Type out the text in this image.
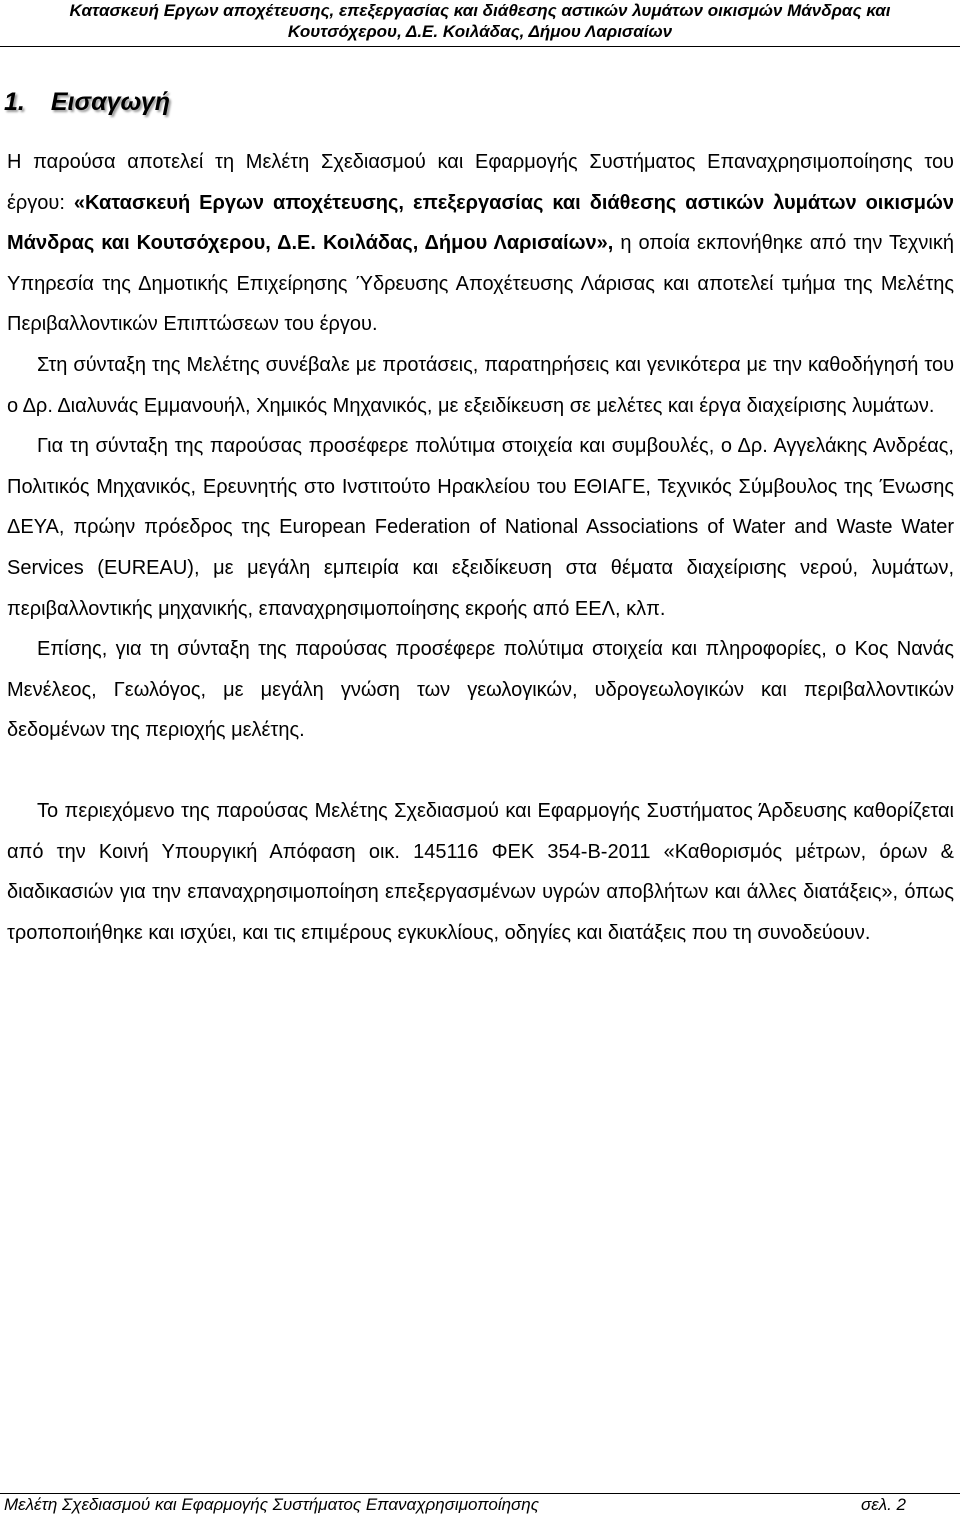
Κατασκευή Εργων αποχέτευσης, επεξεργασίας και διάθεσης αστικών λυμάτων οικισμών Μάνδρας και
Κουτσόχερου, Δ.Ε. Κοιλάδας, Δήμου Λαρισαίων
1. Εισαγωγή

Η παρούσα αποτελεί τη Μελέτη Σχεδιασμού και Εφαρμογής Συστήματος Επαναχρησιμοποίησης του έργου: «Κατασκευή Εργων αποχέτευσης, επεξεργασίας και διάθεσης αστικών λυμάτων οικισμών Μάνδρας και Κουτσόχερου, Δ.Ε. Κοιλάδας, Δήμου Λαρισαίων», η οποία εκπονήθηκε από την Τεχνική Υπηρεσία της Δημοτικής Επιχείρησης Ύδρευσης Αποχέτευσης Λάρισας και αποτελεί τμήμα της Μελέτης Περιβαλλοντικών Επιπτώσεων του έργου.

Στη σύνταξη της Μελέτης συνέβαλε με προτάσεις, παρατηρήσεις και γενικότερα με την καθοδήγησή του ο Δρ. Διαλυνάς Εμμανουήλ, Χημικός Μηχανικός, με εξειδίκευση σε μελέτες και έργα διαχείρισης λυμάτων.

Για τη σύνταξη της παρούσας προσέφερε πολύτιμα στοιχεία και συμβουλές, ο Δρ. Αγγελάκης Ανδρέας, Πολιτικός Μηχανικός, Ερευνητής στο Ινστιτούτο Ηρακλείου του ΕΘΙΑΓΕ, Τεχνικός Σύμβουλος της Ένωσης ΔΕΥΑ, πρώην πρόεδρος της European Federation of National Associations of Water and Waste Water Services (EUREAU), με μεγάλη εμπειρία και εξειδίκευση στα θέματα διαχείρισης νερού, λυμάτων, περιβαλλοντικής μηχανικής, επαναχρησιμοποίησης εκροής από ΕΕΛ, κλπ.

Επίσης, για τη σύνταξη της παρούσας προσέφερε πολύτιμα στοιχεία και πληροφορίες, ο Κος Νανάς Μενέλεος, Γεωλόγος, με μεγάλη γνώση των γεωλογικών, υδρογεωλογικών και περιβαλλοντικών δεδομένων της περιοχής μελέτης.

Το περιεχόμενο της παρούσας Μελέτης Σχεδιασμού και Εφαρμογής Συστήματος Άρδευσης καθορίζεται από την Κοινή Υπουργική Απόφαση οικ. 145116 ΦΕΚ 354-Β-2011 «Καθορισμός μέτρων, όρων & διαδικασιών για την επαναχρησιμοποίηση επεξεργασμένων υγρών αποβλήτων και άλλες διατάξεις», όπως τροποποιήθηκε και ισχύει, και τις επιμέρους εγκυκλίους, οδηγίες και διατάξεις που τη συνοδεύουν.

Μελέτη Σχεδιασμού και Εφαρμογής Συστήματος Επαναχρησιμοποίησης	σελ. 2
